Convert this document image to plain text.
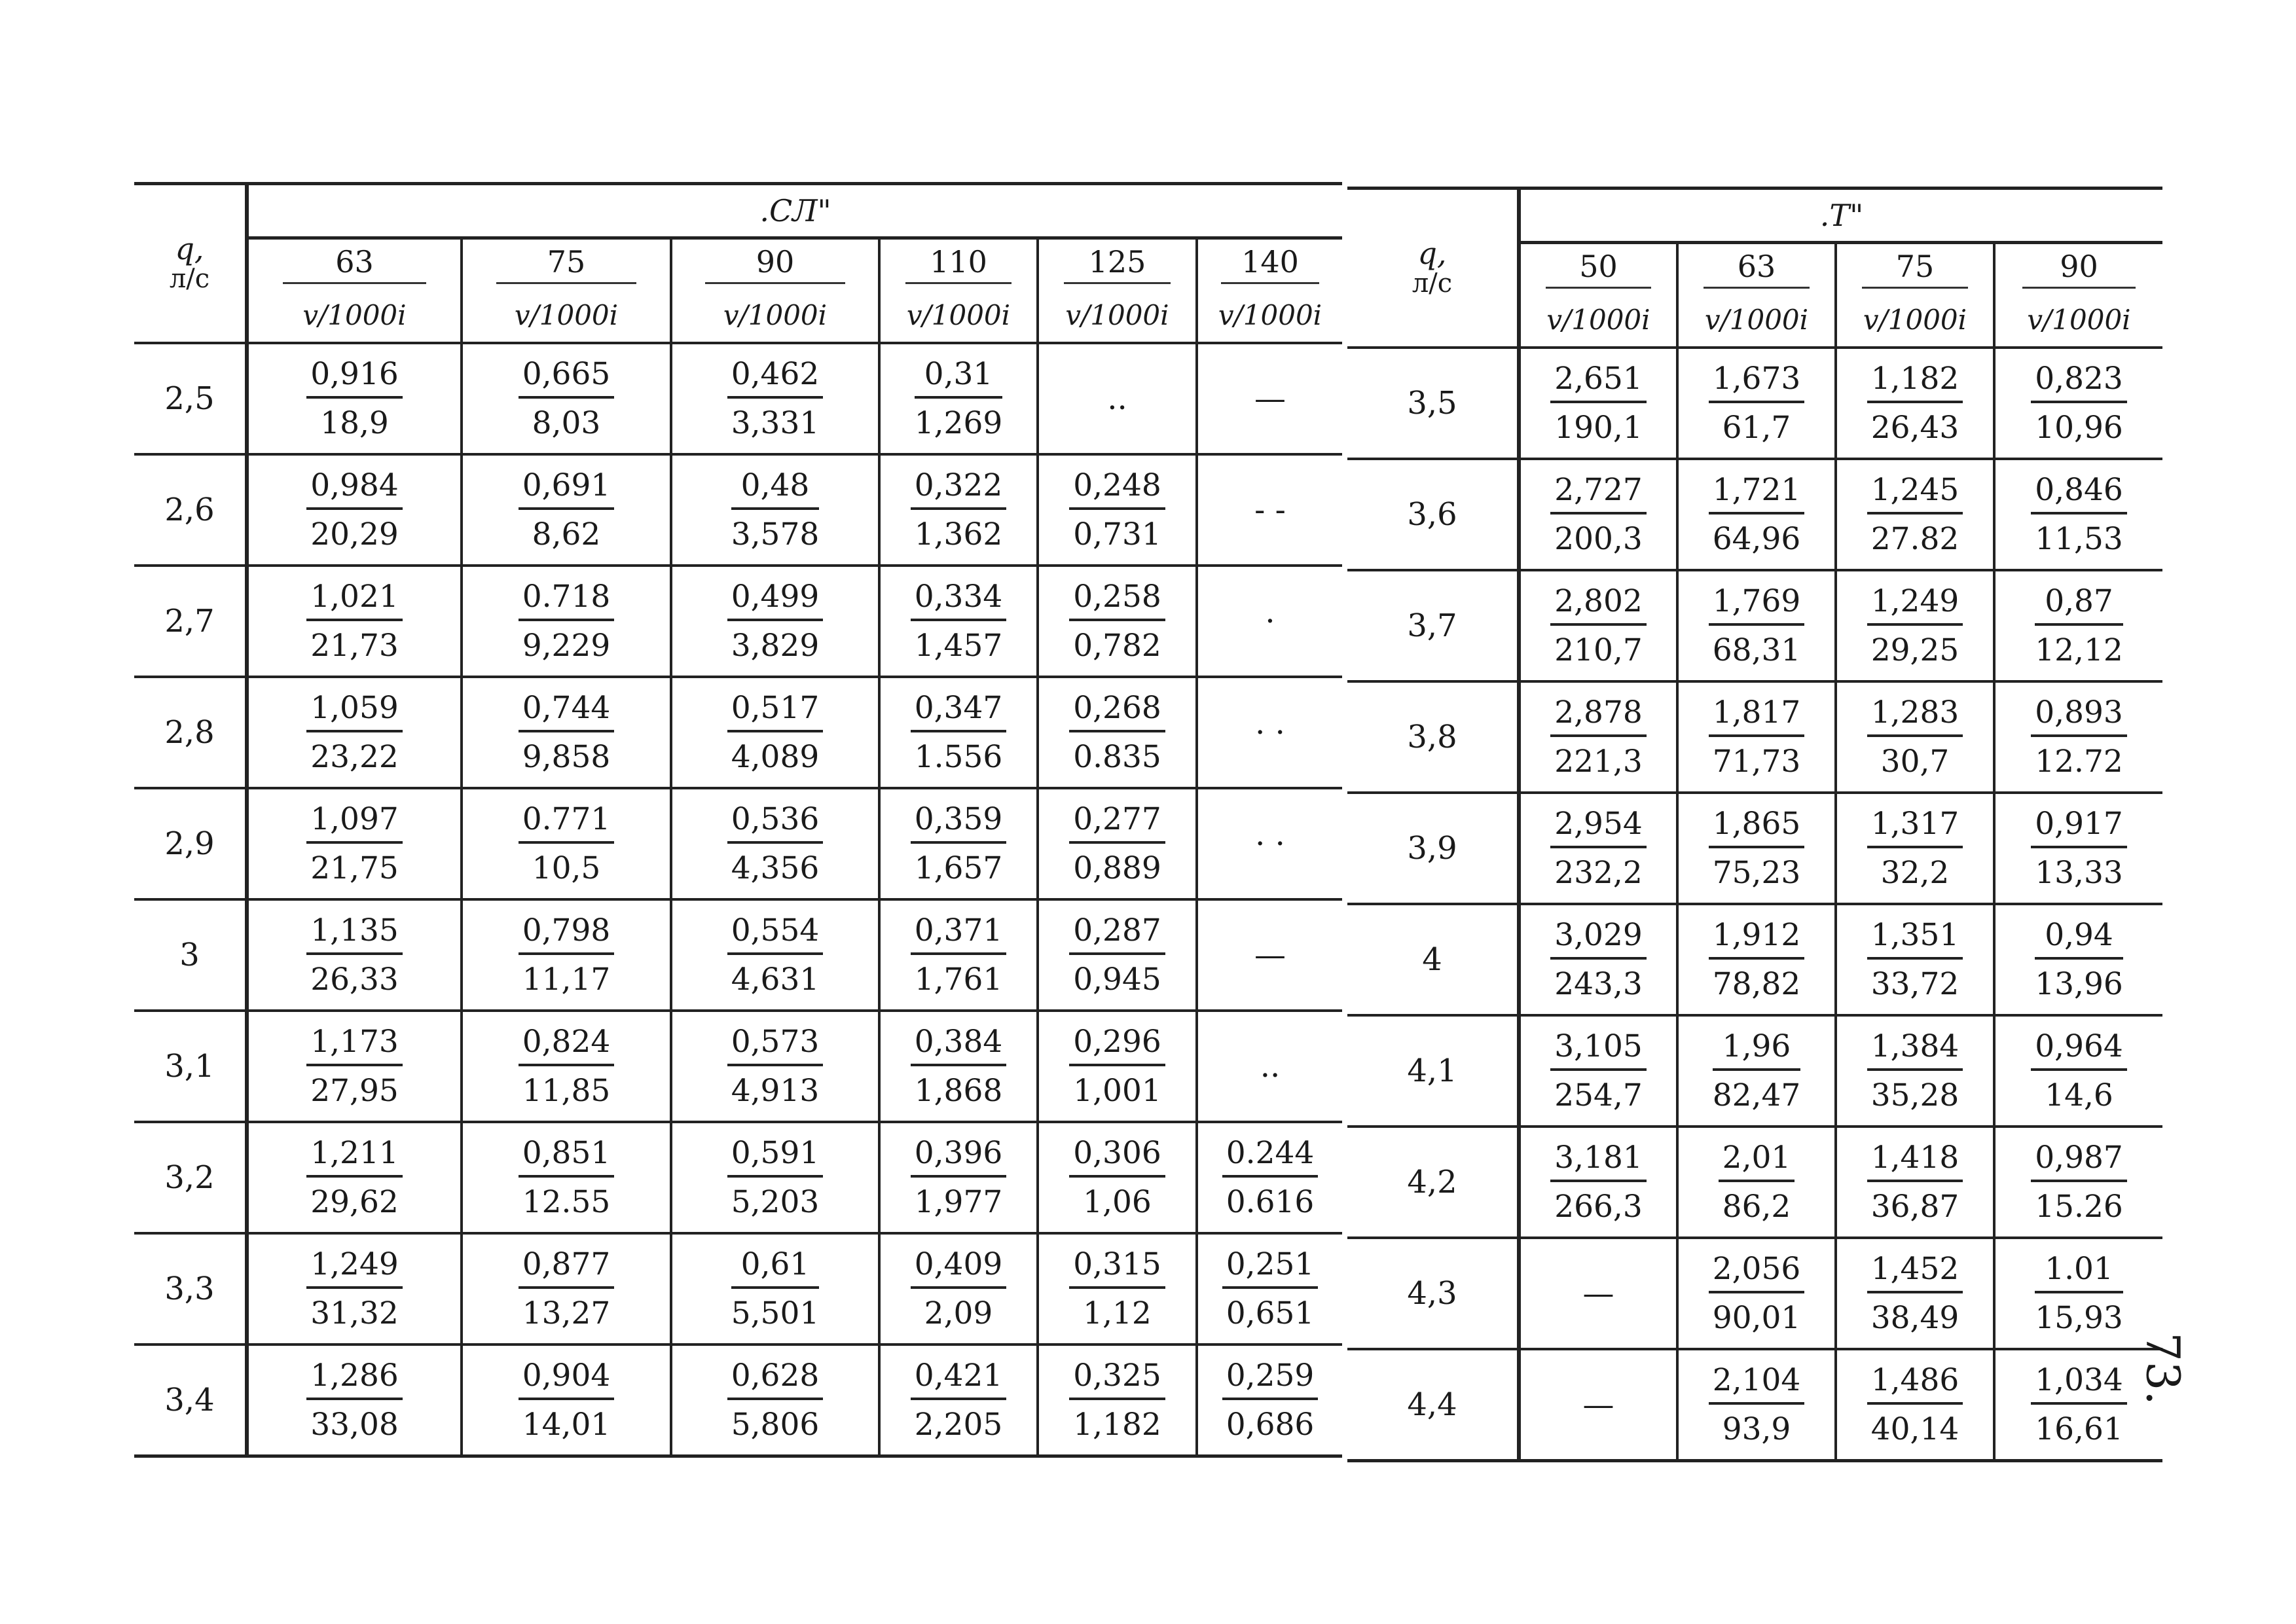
q,
л/с	.СЛ"					
	63	75	90	110	125	140
	v/1000i	v/1000i	v/1000i	v/1000i	v/1000i	v/1000i
2,5	$\frac{0,916}{18,9}$	$\frac{0,665}{8,03}$	$\frac{0,462}{3,331}$	$\frac{0,31}{1,269}$	..	—
2,6	$\frac{0,984}{20,29}$	$\frac{0,691}{8,62}$	$\frac{0,48}{3,578}$	$\frac{0,322}{1,362}$	$\frac{0,248}{0,731}$	- -
2,7	$\frac{1,021}{21,73}$	$\frac{0.718}{9,229}$	$\frac{0,499}{3,829}$	$\frac{0,334}{1,457}$	$\frac{0,258}{0,782}$	·
2,8	$\frac{1,059}{23,22}$	$\frac{0,744}{9,858}$	$\frac{0,517}{4,089}$	$\frac{0,347}{1.556}$	$\frac{0,268}{0.835}$	· ·
2,9	$\frac{1,097}{21,75}$	$\frac{0.771}{10,5}$	$\frac{0,536}{4,356}$	$\frac{0,359}{1,657}$	$\frac{0,277}{0,889}$	· ·
3	$\frac{1,135}{26,33}$	$\frac{0,798}{11,17}$	$\frac{0,554}{4,631}$	$\frac{0,371}{1,761}$	$\frac{0,287}{0,945}$	—
3,1	$\frac{1,173}{27,95}$	$\frac{0,824}{11,85}$	$\frac{0,573}{4,913}$	$\frac{0,384}{1,868}$	$\frac{0,296}{1,001}$	..
3,2	$\frac{1,211}{29,62}$	$\frac{0,851}{12.55}$	$\frac{0,591}{5,203}$	$\frac{0,396}{1,977}$	$\frac{0,306}{1,06}$	$\frac{0.244}{0.616}$

3,3	$\frac{1,249}{31,32}$	$\frac{0,877}{13,27}$	$\frac{0,61}{5,501}$	$\frac{0,409}{2,09}$	$\frac{0,315}{1,12}$	$\frac{0,251}{0,651}$

3,4	$\frac{1,286}{33,08}$	$\frac{0,904}{14,01}$	$\frac{0,628}{5,806}$	$\frac{0,421}{2,205}$	$\frac{0,325}{1,182}$	$\frac{0,259}{0,686}$
q,
л/с	.Т"			
	50	63	75	90
	v/1000i	v/1000i	v/1000i	v/1000i
3,5	$\frac{2,651}{190,1}$	$\frac{1,673}{61,7}$	$\frac{1,182}{26,43}$	$\frac{0,823}{10,96}$

3,6	$\frac{2,727}{200,3}$	$\frac{1,721}{64,96}$	$\frac{1,245}{27.82}$	$\frac{0,846}{11,53}$

3,7	$\frac{2,802}{210,7}$	$\frac{1,769}{68,31}$	$\frac{1,249}{29,25}$	$\frac{0,87}{12,12}$

3,8	$\frac{2,878}{221,3}$	$\frac{1,817}{71,73}$	$\frac{1,283}{30,7}$	$\frac{0,893}{12.72}$

3,9	$\frac{2,954}{232,2}$	$\frac{1,865}{75,23}$	$\frac{1,317}{32,2}$	$\frac{0,917}{13,33}$

4	$\frac{3,029}{243,3}$	$\frac{1,912}{78,82}$	$\frac{1,351}{33,72}$	$\frac{0,94}{13,96}$

4,1	$\frac{3,105}{254,7}$	$\frac{1,96}{82,47}$	$\frac{1,384}{35,28}$	$\frac{0,964}{14,6}$

4,2	$\frac{3,181}{266,3}$	$\frac{2,01}{86,2}$	$\frac{1,418}{36,87}$	$\frac{0,987}{15.26}$

4,3	—	$\frac{2,056}{90,01}$	$\frac{1,452}{38,49}$	$\frac{1.01}{15,93}$

4,4	—	$\frac{2,104}{93,9}$	$\frac{1,486}{40,14}$	$\frac{1,034}{16,61} 73$.
